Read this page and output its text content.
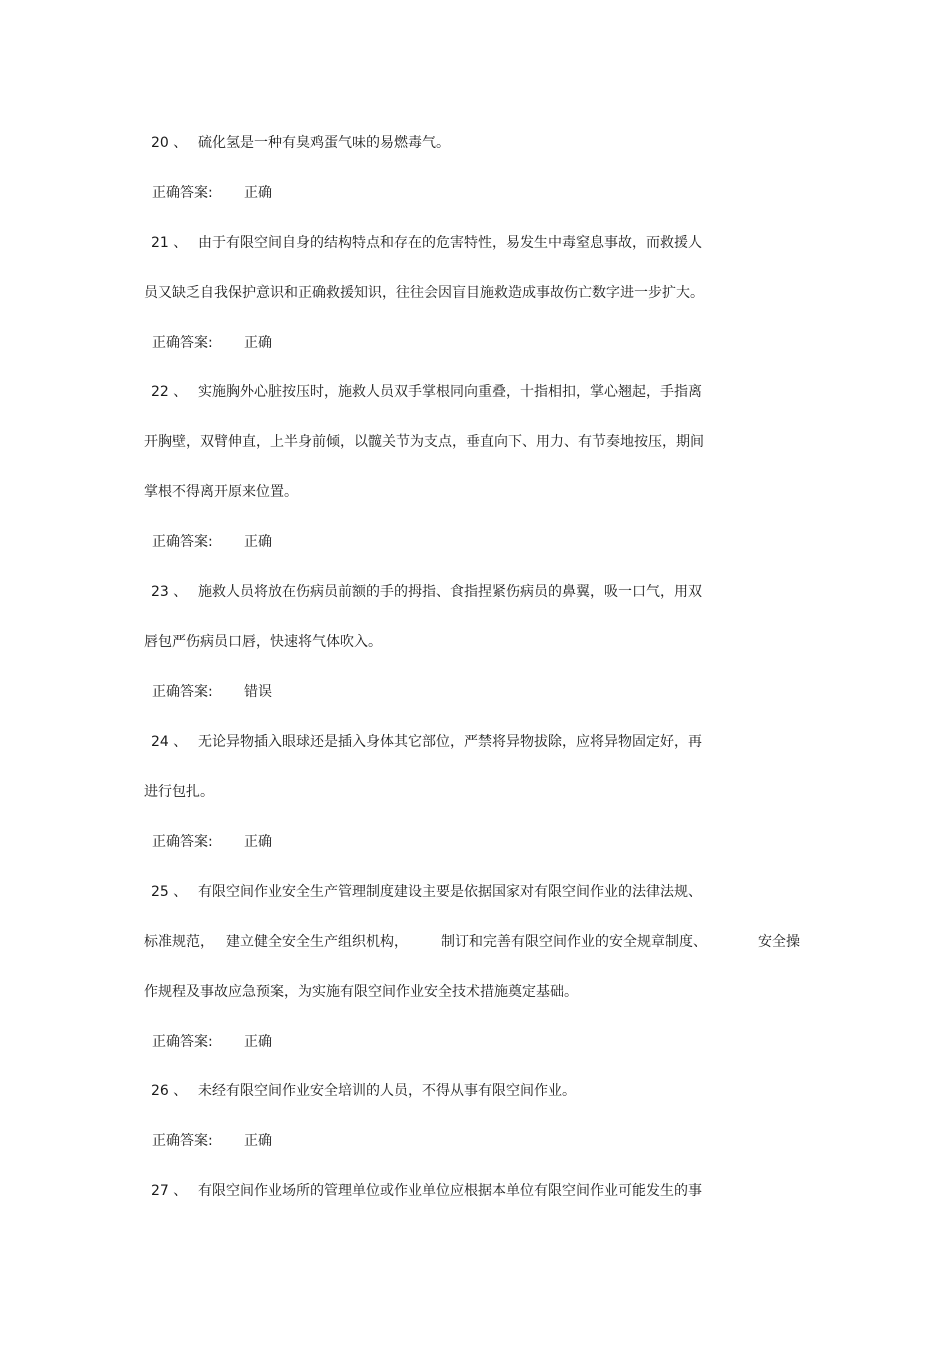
20 、 硫化氢是一种有臭鸡蛋气味的易燃毒气。
正确答案: 正确
21 、 由于有限空间自身的结构特点和存在的危害特性，易发生中毒窒息事故，而救援人
员又缺乏自我保护意识和正确救援知识，往往会因盲目施救造成事故伤亡数字进一步扩大。
正确答案: 正确
22 、 实施胸外心脏按压时，施救人员双手掌根同向重叠，十指相扣，掌心翘起，手指离
开胸壁，双臂伸直，上半身前倾，以髋关节为支点，垂直向下、用力、有节奏地按压，期间
掌根不得离开原来位置。
正确答案: 正确
23 、 施救人员将放在伤病员前额的手的拇指、食指捏紧伤病员的鼻翼，吸一口气，用双
唇包严伤病员口唇，快速将气体吹入。
正确答案: 错误
24 、 无论异物插入眼球还是插入身体其它部位，严禁将异物拔除，应将异物固定好，再
进行包扎。
正确答案: 正确
25 、 有限空间作业安全生产管理制度建设主要是依据国家对有限空间作业的法律法规、
标准规范， 建立健全安全生产组织机构， 制订和完善有限空间作业的安全规章制度、	安全操
作规程及事故应急预案，为实施有限空间作业安全技术措施奠定基础。
正确答案: 正确
26 、 未经有限空间作业安全培训的人员，不得从事有限空间作业。
正确答案: 正确
27 、 有限空间作业场所的管理单位或作业单位应根据本单位有限空间作业可能发生的事
